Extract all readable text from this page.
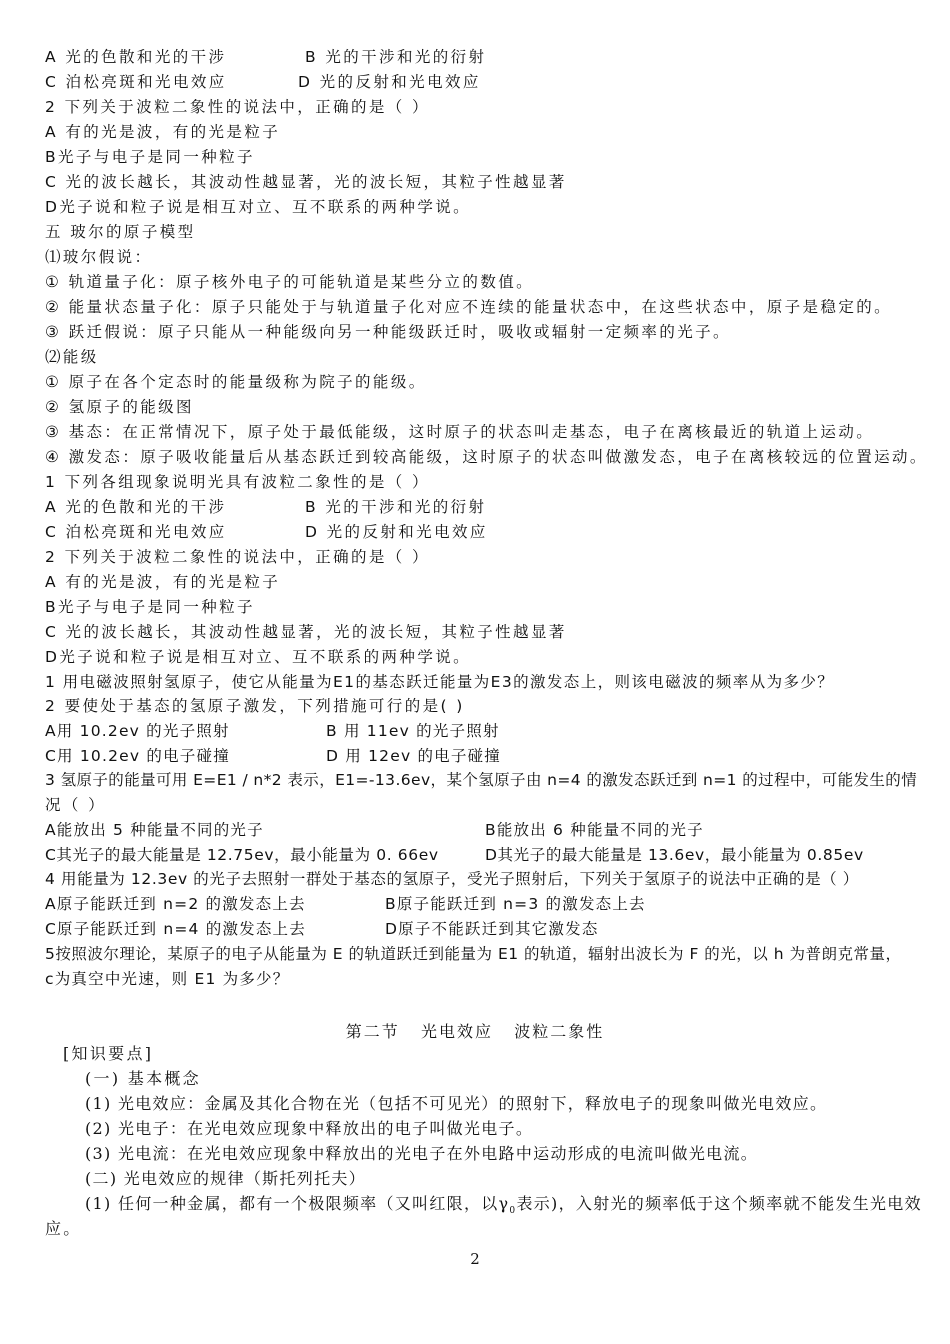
A 光的色散和光的干涉	B 光的干涉和光的衍射
C 泊松亮斑和光电效应	D 光的反射和光电效应
2 下列关于波粒二象性的说法中，正确的是（ ）
A 有的光是波，有的光是粒子
B光子与电子是同一种粒子
C 光的波长越长，其波动性越显著，光的波长短，其粒子性越显著
D光子说和粒子说是相互对立、互不联系的两种学说。
五 玻尔的原子模型
⑴玻尔假说：
① 轨道量子化：原子核外电子的可能轨道是某些分立的数值。
② 能量状态量子化：原子只能处于与轨道量子化对应不连续的能量状态中，在这些状态中，原子是稳定的。
③ 跃迁假说：原子只能从一种能级向另一种能级跃迁时，吸收或辐射一定频率的光子。
⑵能级
① 原子在各个定态时的能量级称为院子的能级。
② 氢原子的能级图
③ 基态：在正常情况下，原子处于最低能级，这时原子的状态叫走基态，电子在离核最近的轨道上运动。
④ 激发态：原子吸收能量后从基态跃迁到较高能级，这时原子的状态叫做激发态，电子在离核较远的位置运动。
1 下列各组现象说明光具有波粒二象性的是（ ）
A 光的色散和光的干涉	B 光的干涉和光的衍射
C 泊松亮斑和光电效应	D 光的反射和光电效应
2 下列关于波粒二象性的说法中，正确的是（ ）
A 有的光是波，有的光是粒子
B光子与电子是同一种粒子
C 光的波长越长，其波动性越显著，光的波长短，其粒子性越显著
D光子说和粒子说是相互对立、互不联系的两种学说。
1 用电磁波照射氢原子，使它从能量为E1的基态跃迁能量为E3的激发态上，则该电磁波的频率从为多少？
2 要使处于基态的氢原子激发，下列措施可行的是( )
A用 10.2ev 的光子照射	B 用 11ev 的光子照射
C用 10.2ev 的电子碰撞	D 用 12ev 的电子碰撞
3 氢原子的能量可用 E=E1 / n*2 表示，E1=-13.6ev，某个氢原子由 n=4 的激发态跃迁到 n=1 的过程中，可能发生的情
况（ ）
A能放出 5 种能量不同的光子	B能放出 6 种能量不同的光子
C其光子的最大能量是 12.75ev，最小能量为 0. 66ev	D其光子的最大能量是 13.6ev，最小能量为 0.85ev
4 用能量为 12.3ev 的光子去照射一群处于基态的氢原子，受光子照射后，下列关于氢原子的说法中正确的是（ ）
A原子能跃迁到 n=2 的激发态上去	B原子能跃迁到 n=3 的激发态上去
C原子能跃迁到 n=4 的激发态上去	D原子不能跃迁到其它激发态
5按照波尔理论，某原子的电子从能量为 E 的轨道跃迁到能量为 E1 的轨道，辐射出波长为 F 的光，以 h 为普朗克常量，
c为真空中光速，则 E1 为多少？
第二节   光电效应   波粒二象性
[知识要点]
(一) 基本概念
(1) 光电效应：金属及其化合物在光（包括不可见光）的照射下，释放电子的现象叫做光电效应。
(2) 光电子：在光电效应现象中释放出的电子叫做光电子。
(3) 光电流：在光电效应现象中释放出的光电子在外电路中运动形成的电流叫做光电流。
(二) 光电效应的规律（斯托列托夫）
(1) 任何一种金属，都有一个极限频率（又叫红限，以$\gamma_0$表示)，入射光的频率低于这个频率就不能发生光电效
应。
2
